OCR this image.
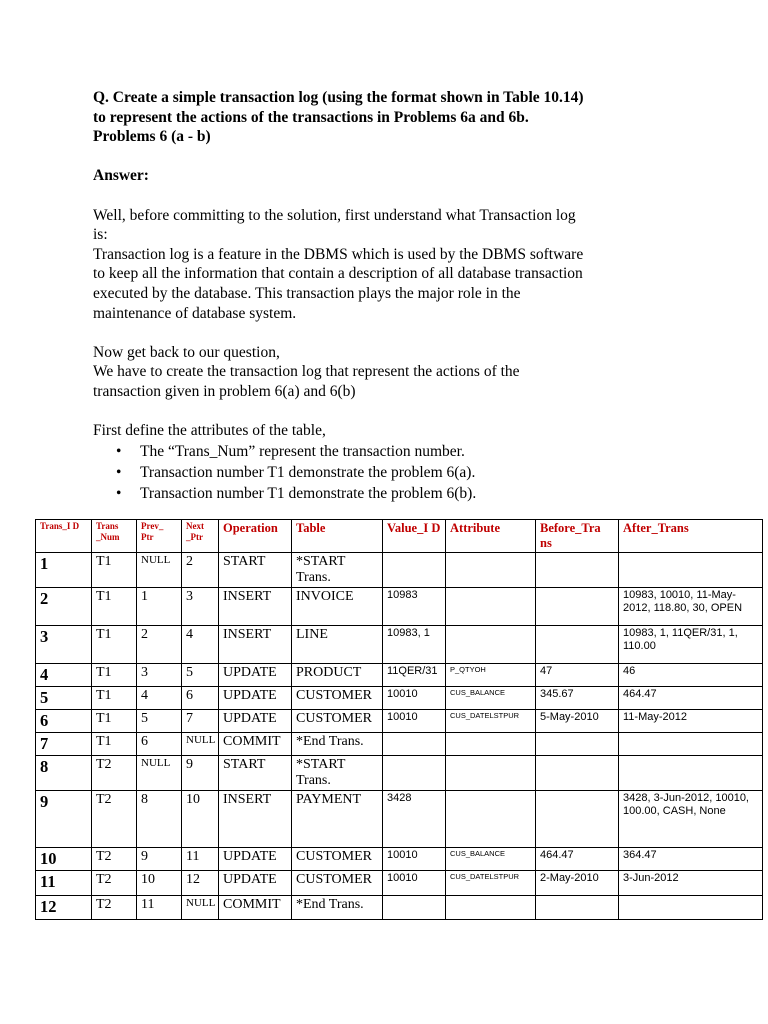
Q. Create a simple transaction log (using the format shown in Table 10.14)
to represent the actions of the transactions in Problems 6a and 6b.
Problems 6 (a - b)
Answer:
Well, before committing to the solution, first understand what Transaction log
is:
Transaction log is a feature in the DBMS which is used by the DBMS software
to keep all the information that contain a description of all database transaction
executed by the database. This transaction plays the major role in the
maintenance of database system.
Now get back to our question,
We have to create the transaction log that represent the actions of the
transaction given in problem 6(a) and 6(b)
First define the attributes of the table,
• The “Trans_Num” represent the transaction number.
• Transaction number T1 demonstrate the problem 6(a).
• Transaction number T1 demonstrate the problem 6(b).
Trans_I D	Trans _Num	Prev_ Ptr	Next _Ptr	Operation	Table	Value_I D	Attribute	Before_Tra ns	After_Trans
1	T1	NULL	2	START	*START Trans.				
2	T1	1	3	INSERT	INVOICE	10983			10983, 10010, 11-May-2012, 118.80, 30, OPEN
3	T1	2	4	INSERT	LINE	10983, 1			10983, 1, 11QER/31, 1, 110.00
4	T1	3	5	UPDATE	PRODUCT	11QER/31	P_QTYOH	47	46
5	T1	4	6	UPDATE	CUSTOMER	10010	CUS_BALANCE	345.67	464.47
6	T1	5	7	UPDATE	CUSTOMER	10010	CUS_DATELSTPUR	5-May-2010	11-May-2012
7	T1	6	NULL	COMMIT	*End Trans.				
8	T2	NULL	9	START	*START Trans.				
9	T2	8	10	INSERT	PAYMENT	3428			3428, 3-Jun-2012, 10010, 100.00, CASH, None
10	T2	9	11	UPDATE	CUSTOMER	10010	CUS_BALANCE	464.47	364.47
11	T2	10	12	UPDATE	CUSTOMER	10010	CUS_DATELSTPUR	2-May-2010	3-Jun-2012
12	T2	11	NULL	COMMIT	*End Trans.				
